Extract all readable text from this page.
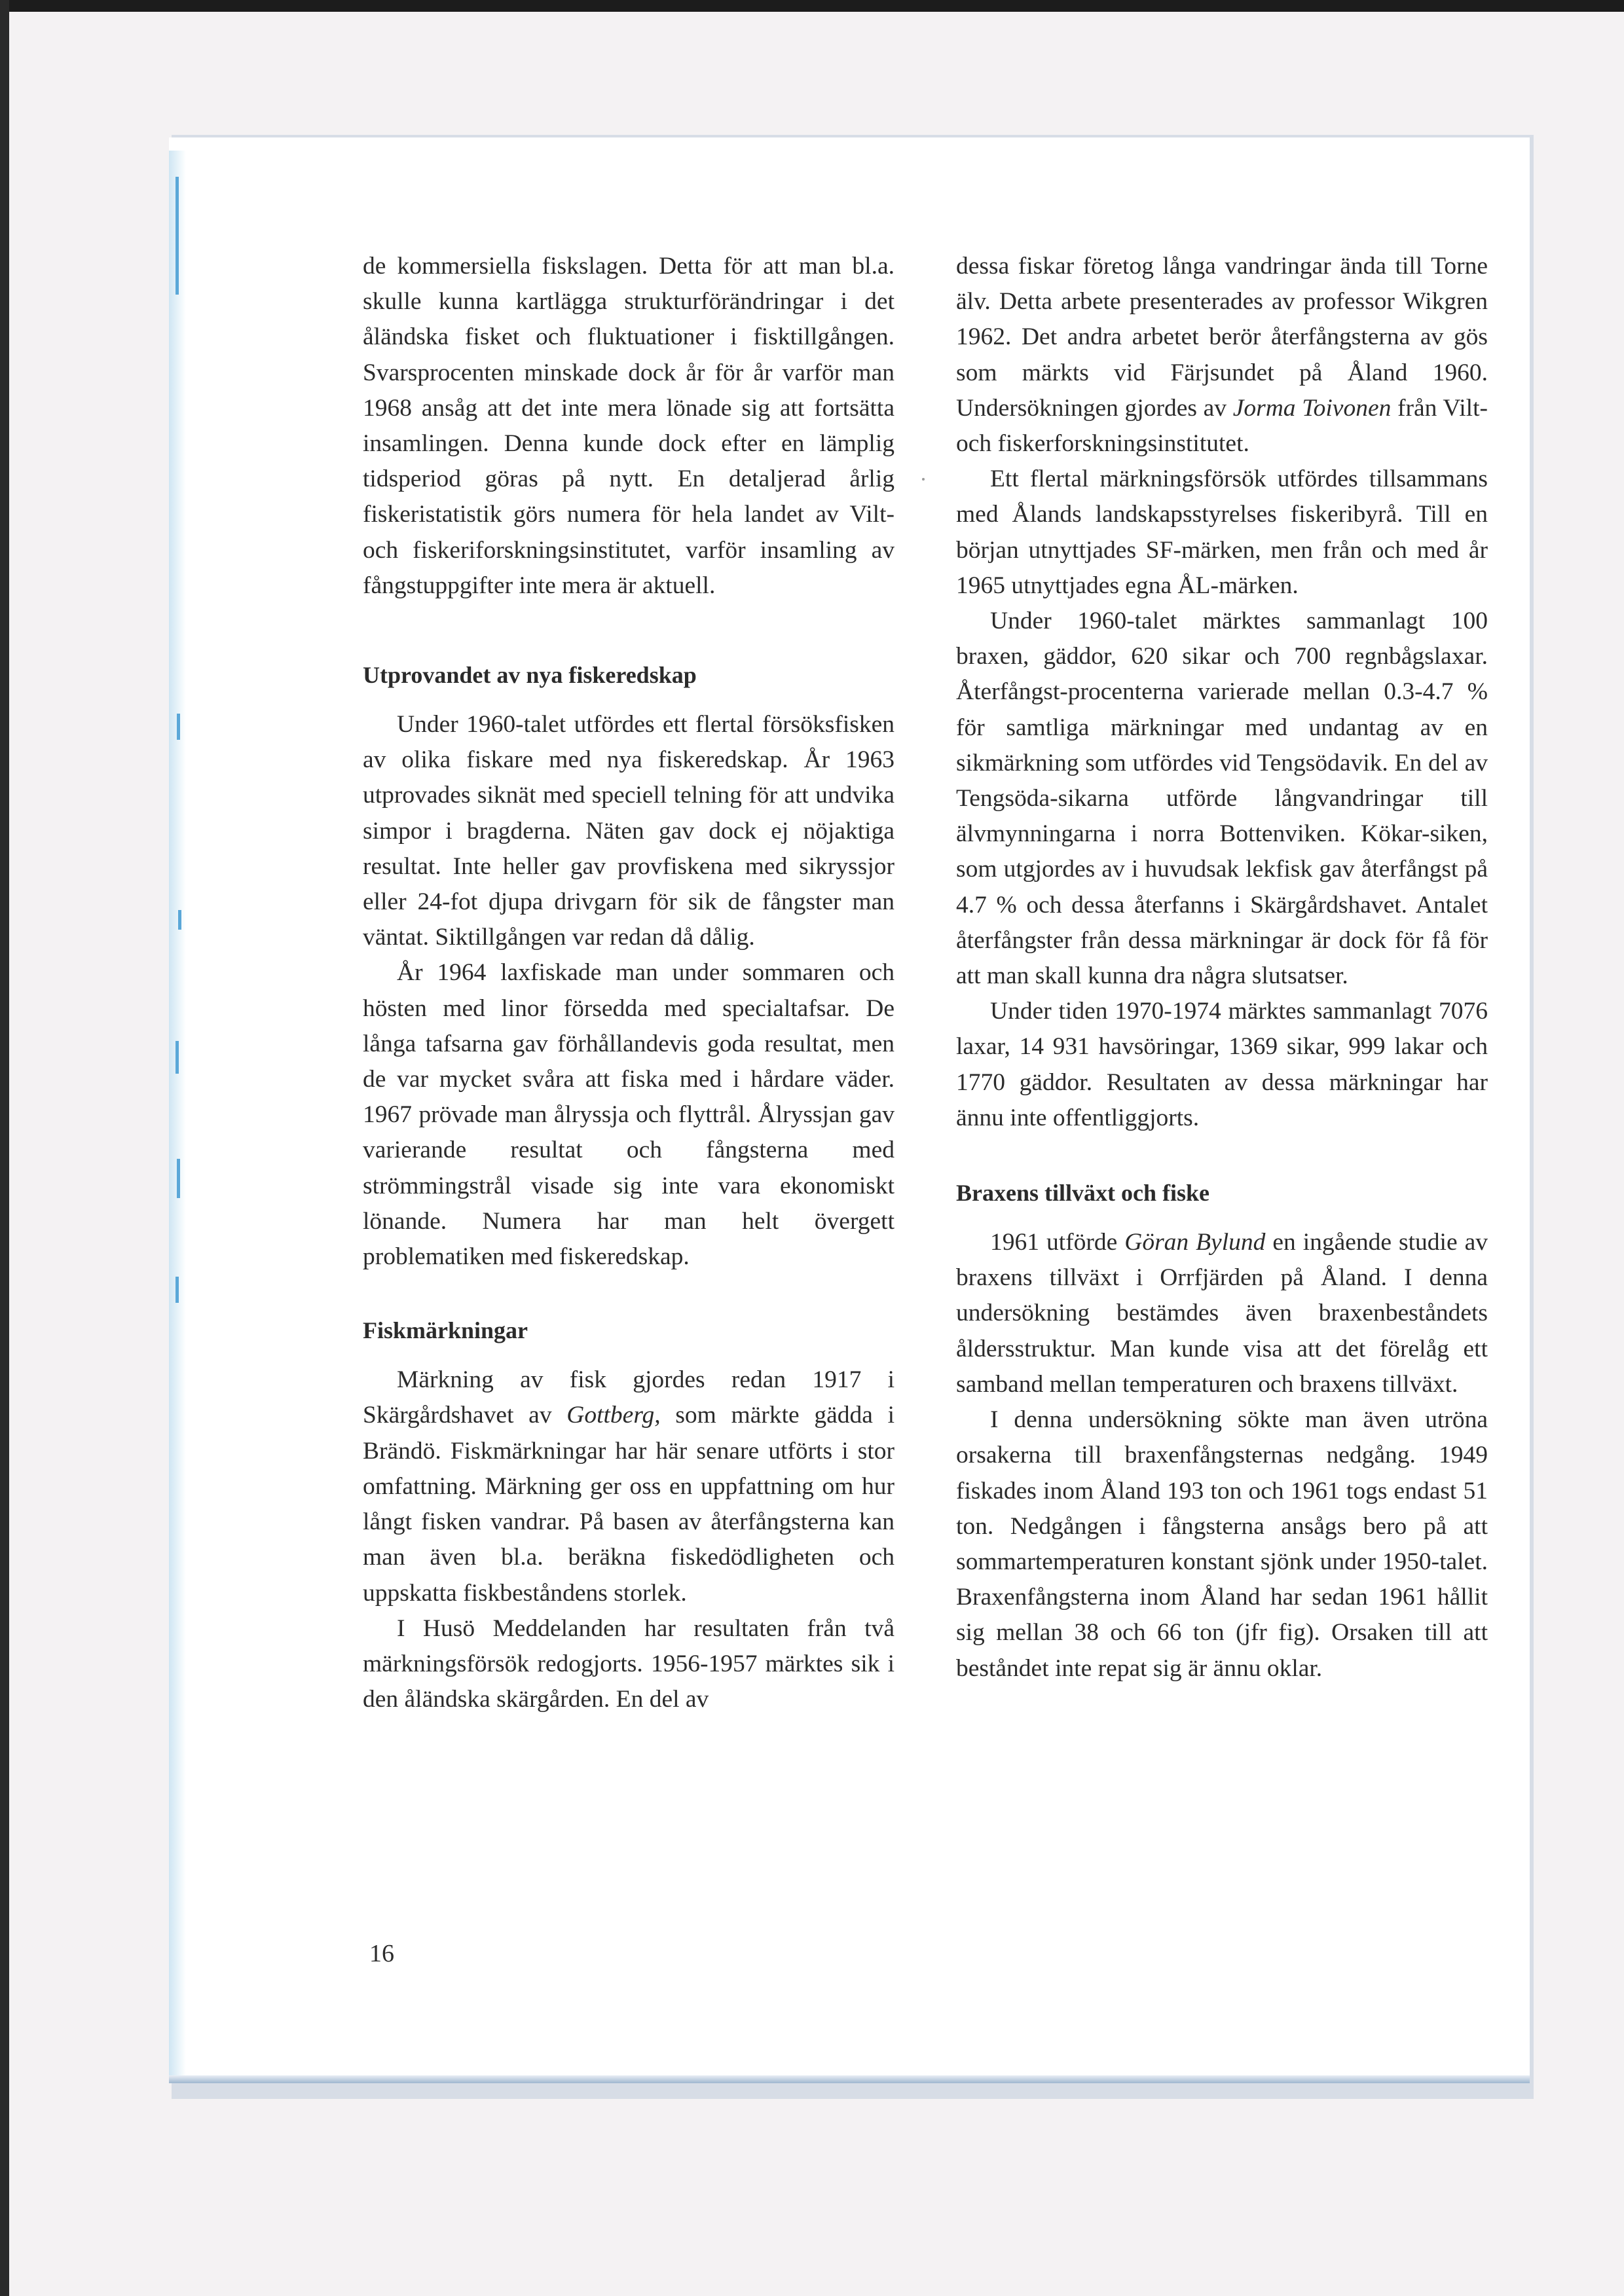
de kommersiella fiskslagen. Detta för att man bl.a. skulle kunna kartlägga strukturförändringar i det åländska fisket och fluktuationer i fisktillgången. Svarsprocenten minskade dock år för år varför man 1968 ansåg att det inte mera lönade sig att fortsätta insamlingen. Denna kunde dock efter en lämplig tidsperiod göras på nytt. En detaljerad årlig fiskeristatistik görs numera för hela landet av Vilt- och fiskeriforskningsinstitutet, varför insamling av fångstuppgifter inte mera är aktuell.

Utprovandet av nya fiskeredskap

Under 1960-talet utfördes ett flertal försöksfisken av olika fiskare med nya fiskeredskap. År 1963 utprovades siknät med speciell telning för att undvika simpor i bragderna. Näten gav dock ej nöjaktiga resultat. Inte heller gav provfiskena med sikryssjor eller 24-fot djupa drivgarn för sik de fångster man väntat. Siktillgången var redan då dålig.

År 1964 laxfiskade man under sommaren och hösten med linor försedda med specialtafsar. De långa tafsarna gav förhållandevis goda resultat, men de var mycket svåra att fiska med i hårdare väder. 1967 prövade man ålryssja och flyttrål. Ålryssjan gav varierande resultat och fångsterna med strömmingstrål visade sig inte vara ekonomiskt lönande. Numera har man helt övergett problematiken med fiskeredskap.

Fiskmärkningar

Märkning av fisk gjordes redan 1917 i Skärgårdshavet av Gottberg, som märkte gädda i Brändö. Fiskmärkningar har här senare utförts i stor omfattning. Märkning ger oss en uppfattning om hur långt fisken vandrar. På basen av återfångsterna kan man även bl.a. beräkna fiskedödligheten och uppskatta fiskbeståndens storlek.

I Husö Meddelanden har resultaten från två märkningsförsök redogjorts. 1956-1957 märktes sik i den åländska skärgården. En del av

dessa fiskar företog långa vandringar ända till Torne älv. Detta arbete presenterades av professor Wikgren 1962. Det andra arbetet berör återfångsterna av gös som märkts vid Färjsundet på Åland 1960. Undersökningen gjordes av Jorma Toivonen från Vilt- och fiskerforskningsinstitutet.

Ett flertal märkningsförsök utfördes tillsammans med Ålands landskapsstyrelses fiskeribyrå. Till en början utnyttjades SF-märken, men från och med år 1965 utnyttjades egna ÅL-märken.

Under 1960-talet märktes sammanlagt 100 braxen, gäddor, 620 sikar och 700 regnbågslaxar. Återfångst-procenterna varierade mellan 0.3-4.7 % för samtliga märkningar med undantag av en sikmärkning som utfördes vid Tengsödavik. En del av Tengsöda-sikarna utförde långvandringar till älvmynningarna i norra Bottenviken. Kökar-siken, som utgjordes av i huvudsak lekfisk gav återfångst på 4.7 % och dessa återfanns i Skärgårdshavet. Antalet återfångster från dessa märkningar är dock för få för att man skall kunna dra några slutsatser.

Under tiden 1970-1974 märktes sammanlagt 7076 laxar, 14 931 havsöringar, 1369 sikar, 999 lakar och 1770 gäddor. Resultaten av dessa märkningar har ännu inte offentliggjorts.

Braxens tillväxt och fiske

1961 utförde Göran Bylund en ingående studie av braxens tillväxt i Orrfjärden på Åland. I denna undersökning bestämdes även braxenbeståndets åldersstruktur. Man kunde visa att det förelåg ett samband mellan temperaturen och braxens tillväxt.

I denna undersökning sökte man även utröna orsakerna till braxenfångsternas nedgång. 1949 fiskades inom Åland 193 ton och 1961 togs endast 51 ton. Nedgången i fångsterna ansågs bero på att sommartemperaturen konstant sjönk under 1950-talet. Braxenfångsterna inom Åland har sedan 1961 hållit sig mellan 38 och 66 ton (jfr fig). Orsaken till att beståndet inte repat sig är ännu oklar.

16
